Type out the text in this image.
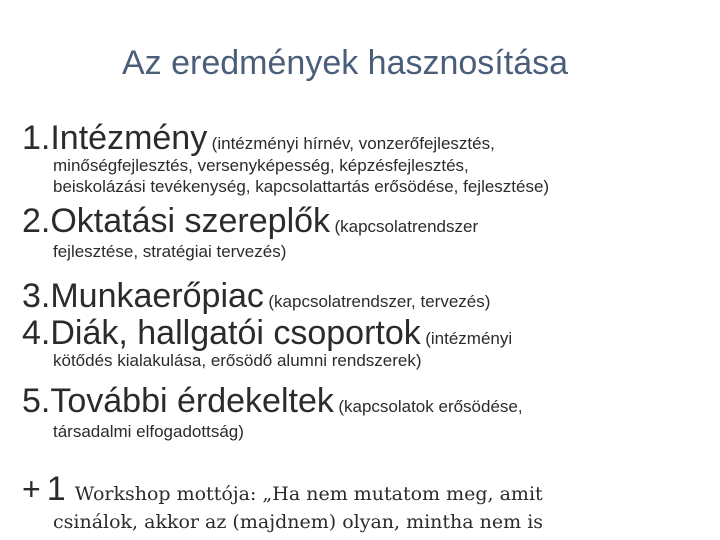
Az eredmények hasznosítása
1.Intézmény (intézményi hírnév, vonzerőfejlesztés,
minőségfejlesztés, versenyképesség, képzésfejlesztés,
beiskolázási tevékenység, kapcsolattartás erősödése, fejlesztése)
2.Oktatási szereplők (kapcsolatrendszer
fejlesztése, stratégiai tervezés)
3.Munkaerőpiac (kapcsolatrendszer, tervezés)
4.Diák, hallgatói csoportok (intézményi
kötődés kialakulása, erősödő alumni rendszerek)
5.További érdekeltek (kapcsolatok erősödése,
társadalmi elfogadottság)
+ 1 Workshop mottója: „Ha nem mutatom meg, amit
csinálok, akkor az (majdnem) olyan, mintha nem is
